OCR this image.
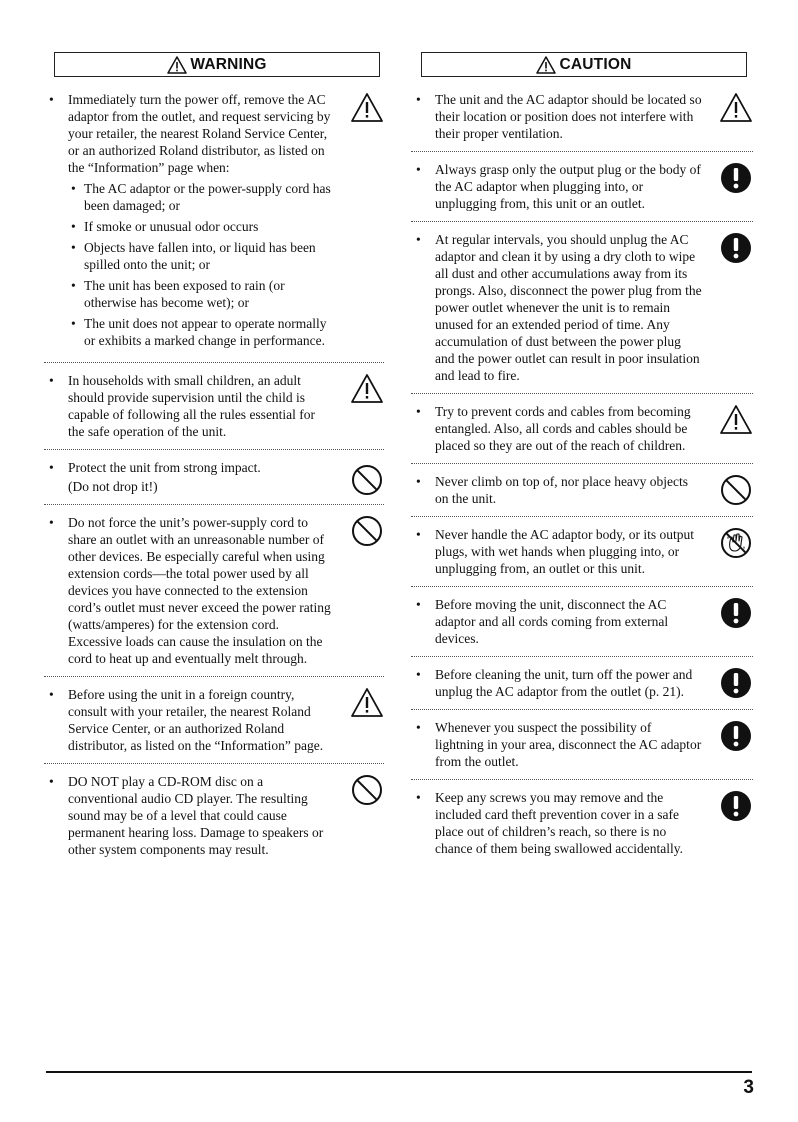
WARNING
• Immediately turn the power off, remove the AC adaptor from the outlet, and request servicing by your retailer, the nearest Roland Service Center, or an authorized Roland distributor, as listed on the “Information” page when:

• The AC adaptor or the power-supply cord has been damaged; or
• If smoke or unusual odor occurs
• Objects have fallen into, or liquid has been spilled onto the unit; or
• The unit has been exposed to rain (or otherwise has become wet); or
• The unit does not appear to operate normally or exhibits a marked change in performance.
• In households with small children, an adult should provide supervision until the child is capable of following all the rules essential for the safe operation of the unit.

• Protect the unit from strong impact.

(Do not drop it!)

• Do not force the unit’s power-supply cord to share an outlet with an unreasonable number of other devices. Be especially careful when using extension cords—the total power used by all devices you have connected to the extension cord’s outlet must never exceed the power rating (watts/amperes) for the extension cord. Excessive loads can cause the insulation on the cord to heat up and eventually melt through.

• Before using the unit in a foreign country, consult with your retailer, the nearest Roland Service Center, or an authorized Roland distributor, as listed on the “Information” page.

• DO NOT play a CD-ROM disc on a conventional audio CD player. The resulting sound may be of a level that could cause permanent hearing loss. Damage to speakers or other system components may result.

CAUTION
• The unit and the AC adaptor should be located so their location or position does not interfere with their proper ventilation.

• Always grasp only the output plug or the body of the AC adaptor when plugging into, or unplugging from, this unit or an outlet.

• At regular intervals, you should unplug the AC adaptor and clean it by using a dry cloth to wipe all dust and other accumulations away from its prongs. Also, disconnect the power plug from the power outlet whenever the unit is to remain unused for an extended period of time. Any accumulation of dust between the power plug and the power outlet can result in poor insulation and lead to fire.

• Try to prevent cords and cables from becoming entangled. Also, all cords and cables should be placed so they are out of the reach of children.

• Never climb on top of, nor place heavy objects on the unit.

• Never handle the AC adaptor body, or its output plugs, with wet hands when plugging into, or unplugging from, an outlet or this unit.

• Before moving the unit, disconnect the AC adaptor and all cords coming from external devices.

• Before cleaning the unit, turn off the power and unplug the AC adaptor from the outlet (p. 21).

• Whenever you suspect the possibility of lightning in your area, disconnect the AC adaptor from the outlet.

• Keep any screws you may remove and the included card theft prevention cover in a safe place out of children’s reach, so there is no chance of them being swallowed accidentally.

3
